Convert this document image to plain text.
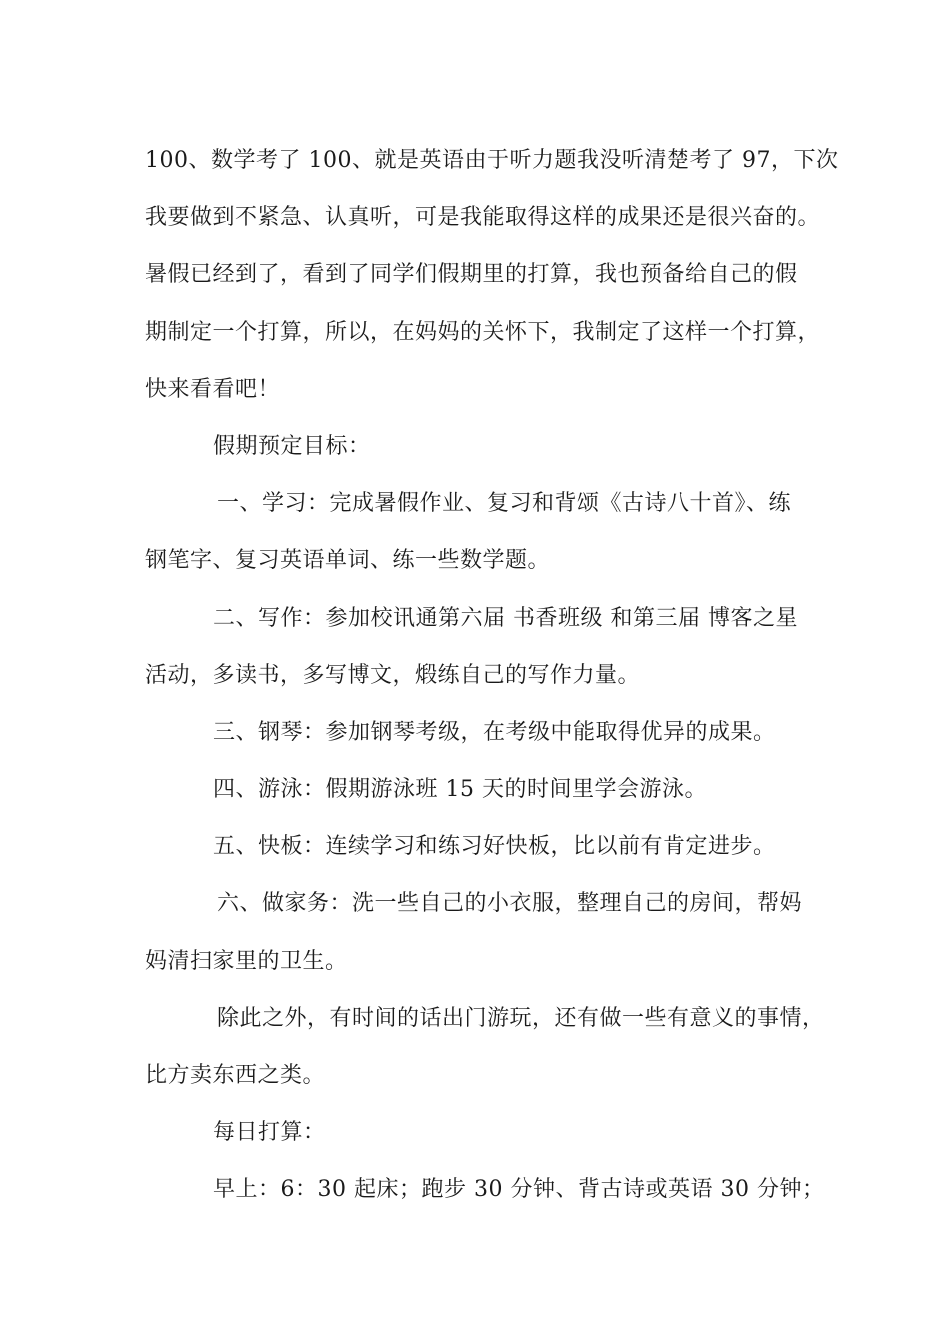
100、数学考了 100、就是英语由于听力题我没听清楚考了 97，下次
我要做到不紧急、认真听，可是我能取得这样的成果还是很兴奋的。
暑假已经到了，看到了同学们假期里的打算，我也预备给自己的假
期制定一个打算，所以，在妈妈的关怀下，我制定了这样一个打算，
快来看看吧！
假期预定目标：
一、学习：完成暑假作业、复习和背颂《古诗八十首》、练
钢笔字、复习英语单词、练一些数学题。
二、写作：参加校讯通第六届 书香班级 和第三届 博客之星
活动，多读书，多写博文，煅练自己的写作力量。
三、钢琴：参加钢琴考级，在考级中能取得优异的成果。
四、游泳：假期游泳班 15 天的时间里学会游泳。
五、快板：连续学习和练习好快板，比以前有肯定进步。
六、做家务：洗一些自己的小衣服，整理自己的房间，帮妈
妈清扫家里的卫生。
除此之外，有时间的话出门游玩，还有做一些有意义的事情，
比方卖东西之类。
每日打算：
早上：6：30 起床；跑步 30 分钟、背古诗或英语 30 分钟；
